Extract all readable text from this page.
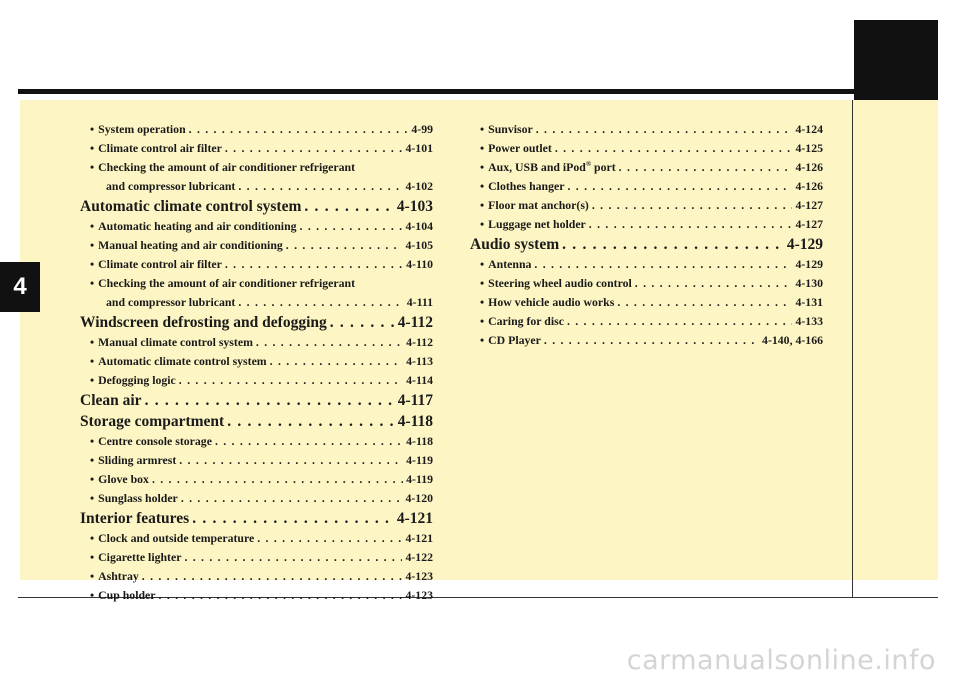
4
• System operation . . .	4-99
• Climate control air filter . . .	4-101
• Checking the amount of air conditioner refrigerant
and compressor lubricant . . .	4-102
Automatic climate control system . . .	4-103
• Automatic heating and air conditioning . . .	4-104
• Manual heating and air conditioning . . .	4-105
• Climate control air filter . . .	4-110
• Checking the amount of air conditioner refrigerant
and compressor lubricant . . .	4-111
Windscreen defrosting and defogging . . .	4-112
• Manual climate control system . . .	4-112
• Automatic climate control system . . .	4-113
• Defogging logic . . .	4-114
Clean air . . .	4-117
Storage compartment . . .	4-118
• Centre console storage . . .	4-118
• Sliding armrest . . .	4-119
• Glove box . . .	4-119
• Sunglass holder . . .	4-120
Interior features . . .	4-121
• Clock and outside temperature . . .	4-121
• Cigarette lighter . . .	4-122
• Ashtray . . .	4-123
• Cup holder . . .	4-123
• Sunvisor . . .	4-124
• Power outlet . . .	4-125
• Aux, USB and iPod® port . . .	4-126
• Clothes hanger . . .	4-126
• Floor mat anchor(s) . . .	4-127
• Luggage net holder . . .	4-127
Audio system . . .	4-129
• Antenna . . .	4-129
• Steering wheel audio control . . .	4-130
• How vehicle audio works . . .	4-131
• Caring for disc . . .	4-133
• CD Player . . .	4-140, 4-166
carmanualsonline.info
